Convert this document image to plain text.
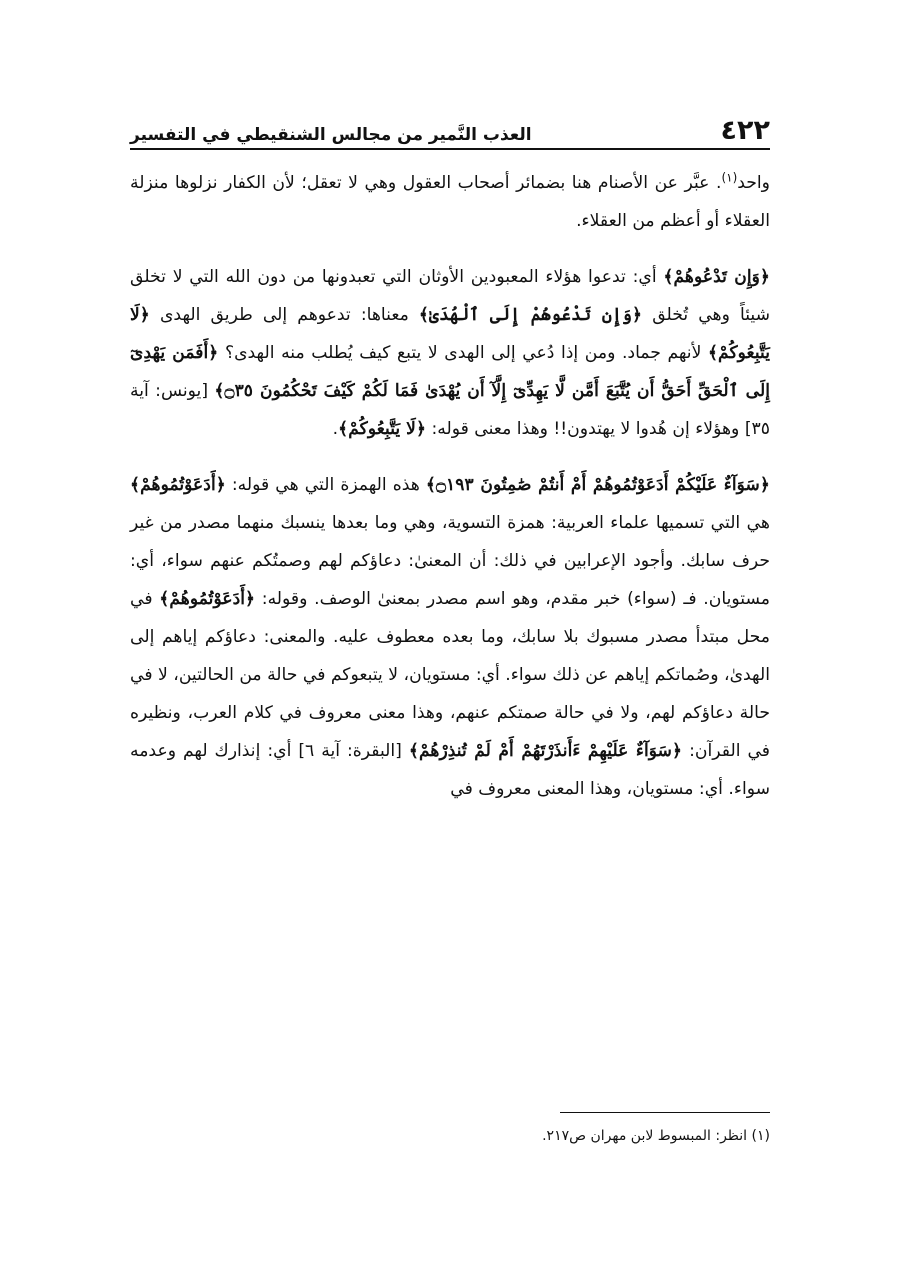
٤٢٢
العذب النَّمير من مجالس الشنقيطي في التفسير

واحد$^{(١)}$. عبَّر عن الأصنام هنا بضمائر أصحاب العقول وهي لا تعقل؛ لأن الكفار نزلوها منزلة العقلاء أو أعظم من العقلاء.

﴿وَإِن تَدْعُوهُمْ﴾ أي: تدعوا هؤلاء المعبودين الأوثان التي تعبدونها من دون الله التي لا تخلق شيئاً وهي تُخلق ﴿وَإِن تَدْعُوهُمْ إِلَى ٱلْهُدَىٰ﴾ معناها: تدعوهم إلى طريق الهدى ﴿لَا يَتَّبِعُوكُمْ﴾ لأنهم جماد. ومن إذا دُعي إلى الهدى لا يتبع كيف يُطلب منه الهدى؟ ﴿أَفَمَن يَهْدِىٓ إِلَى ٱلْحَقِّ أَحَقُّ أَن يُتَّبَعَ أَمَّن لَّا يَهِدِّىٓ إِلَّآ أَن يُهْدَىٰ فَمَا لَكُمْ كَيْفَ تَحْكُمُونَ ۝٣٥﴾ [يونس: آية ٣٥] وهؤلاء إن هُدوا لا يهتدون!! وهذا معنى قوله: ﴿لَا يَتَّبِعُوكُمْ﴾.

﴿سَوَآءٌ عَلَيْكُمْ أَدَعَوْتُمُوهُمْ أَمْ أَنتُمْ صَٰمِتُونَ ۝١٩٣﴾ هذه الهمزة التي هي قوله: ﴿أَدَعَوْتُمُوهُمْ﴾ هي التي تسميها علماء العربية: همزة التسوية، وهي وما بعدها ينسبك منهما مصدر من غير حرف سابك. وأجود الإعرابين في ذلك: أن المعنىٰ: دعاؤكم لهم وصمتُكم عنهم سواء، أي: مستويان. فـ (سواء) خبر مقدم، وهو اسم مصدر بمعنىٰ الوصف. وقوله: ﴿أَدَعَوْتُمُوهُمْ﴾ في محل مبتدأ مصدر مسبوك بلا سابك، وما بعده معطوف عليه. والمعنى: دعاؤكم إياهم إلى الهدىٰ، وصُماتكم إياهم عن ذلك سواء. أي: مستويان، لا يتبعوكم في حالة من الحالتين، لا في حالة دعاؤكم لهم، ولا في حالة صمتكم عنهم، وهذا معنى معروف في كلام العرب، ونظيره في القرآن: ﴿سَوَآءٌ عَلَيْهِمْ ءَأَنذَرْتَهُمْ أَمْ لَمْ تُنذِرْهُمْ﴾ [البقرة: آية ٦] أي: إنذارك لهم وعدمه سواء. أي: مستويان، وهذا المعنى معروف في

(١) انظر: المبسوط لابن مهران ص٢١٧.
